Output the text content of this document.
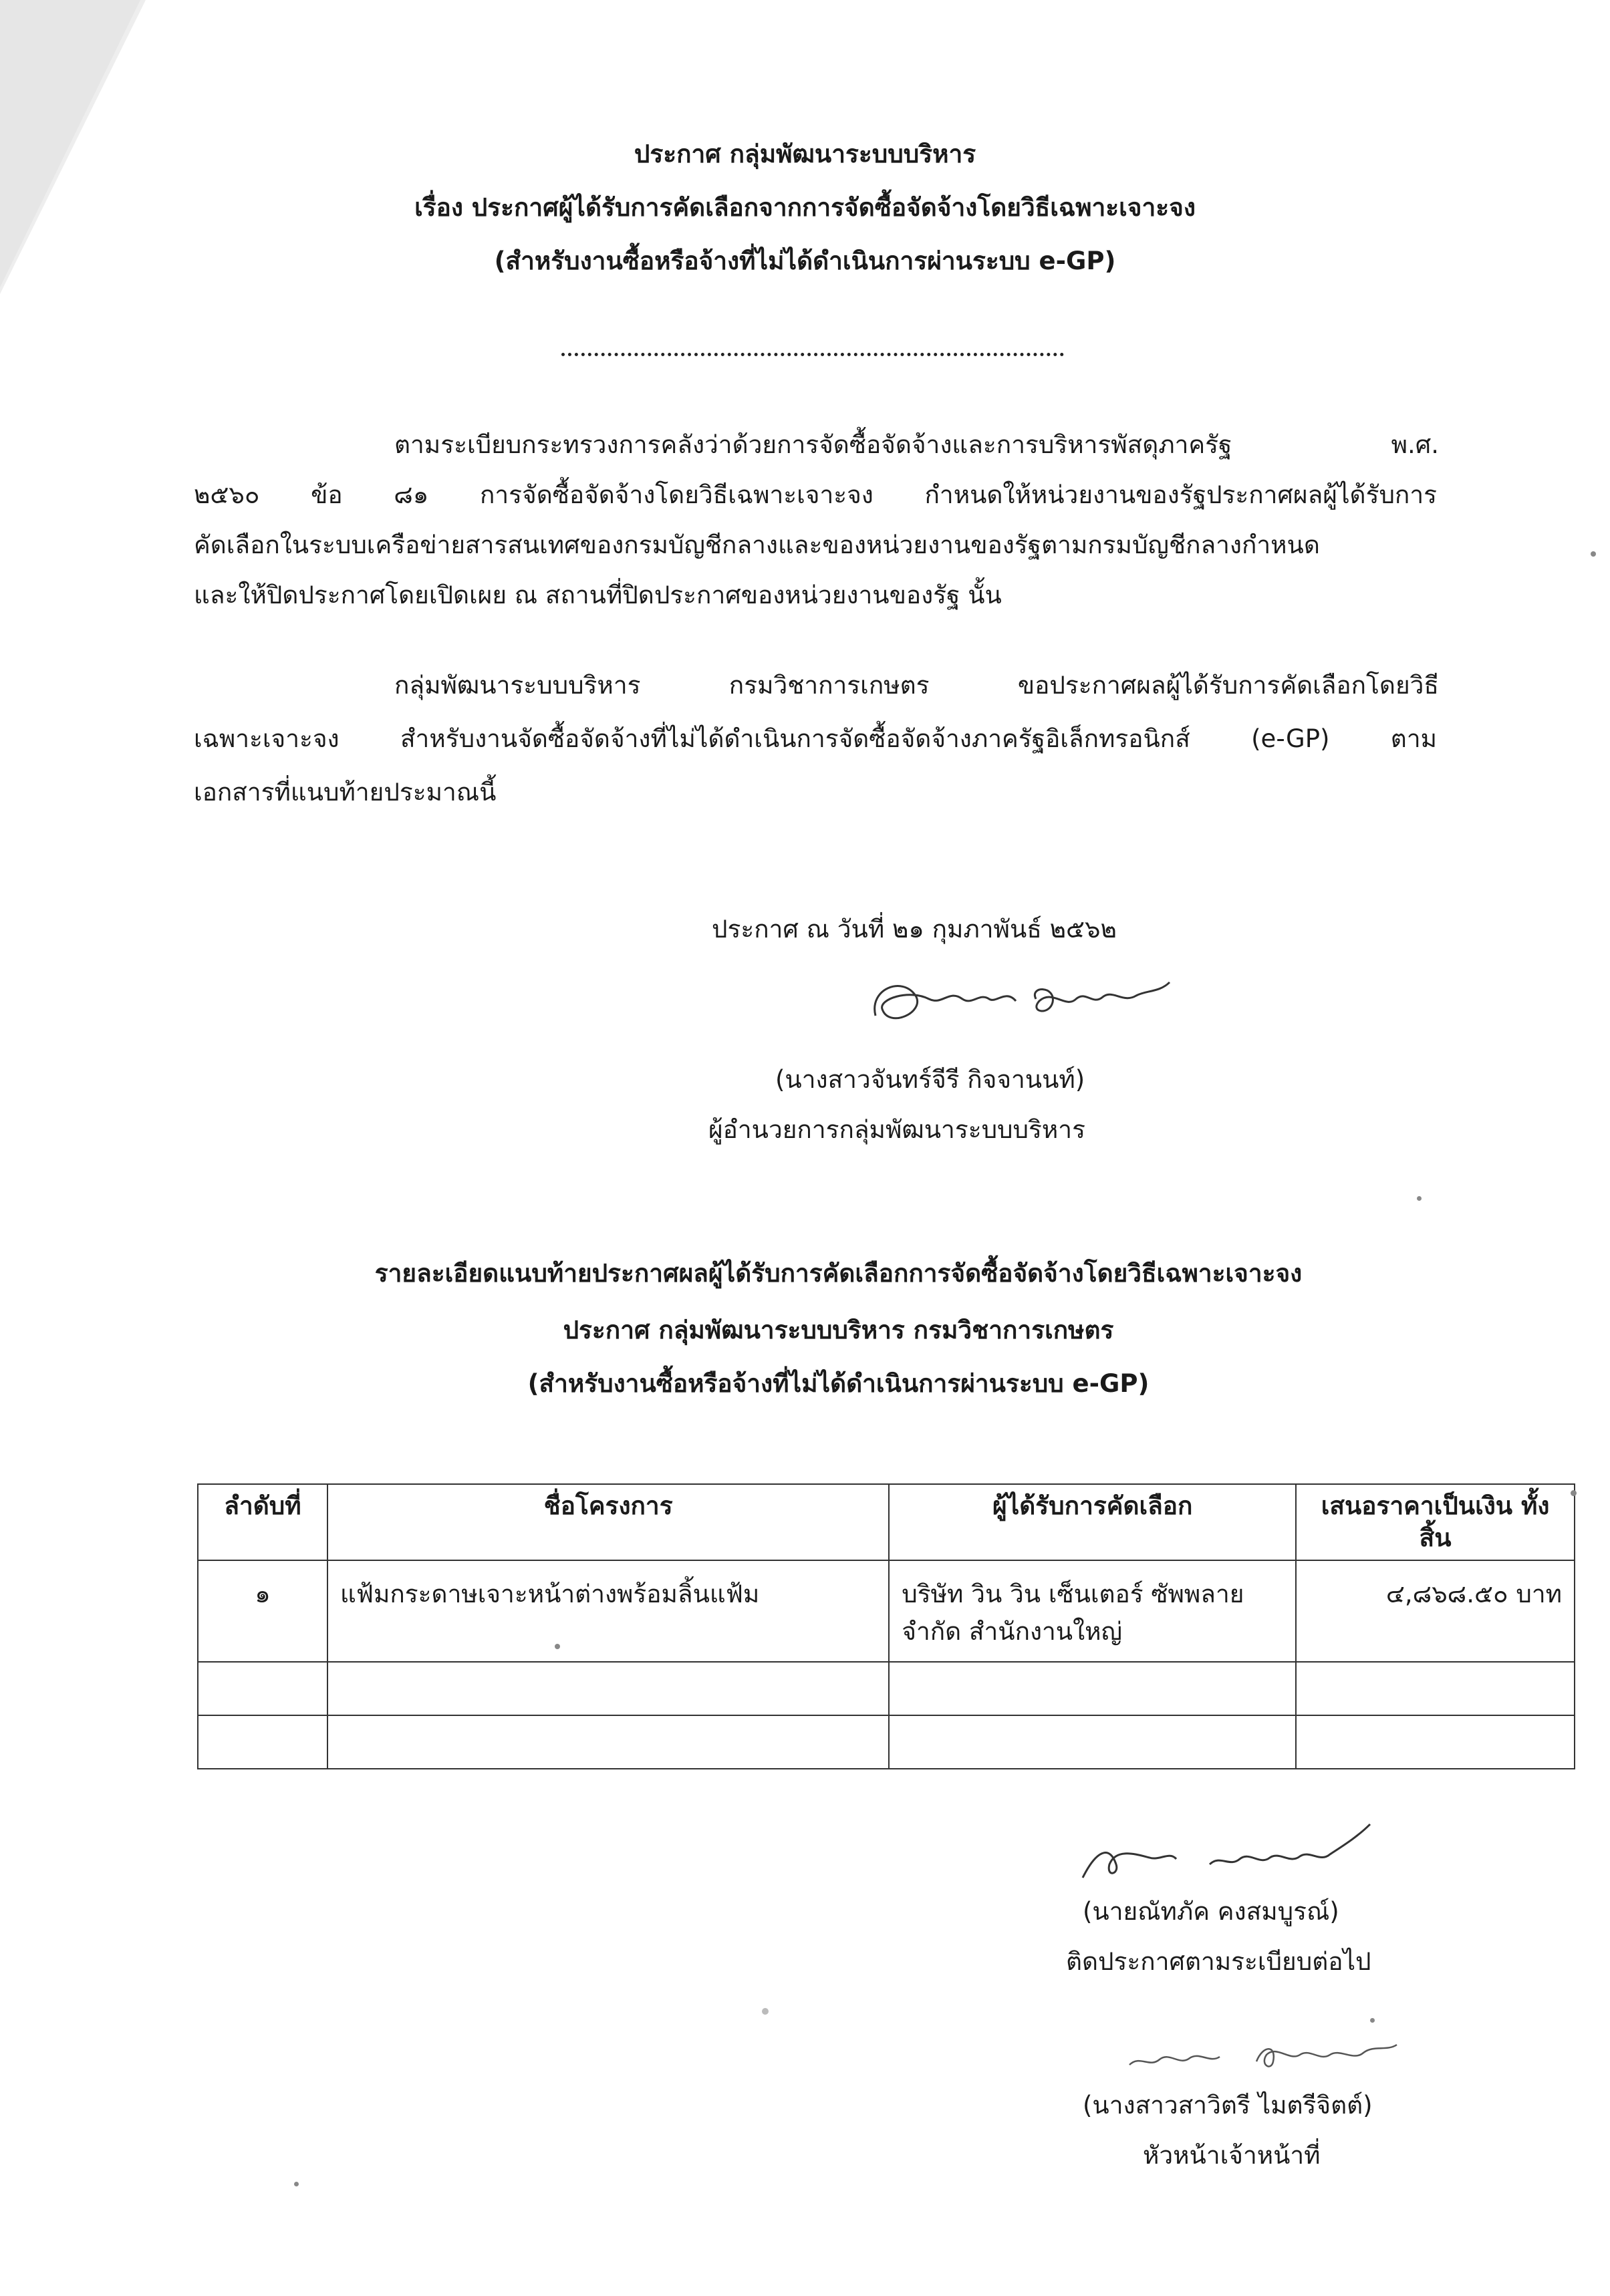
ประกาศ กลุ่มพัฒนาระบบบริหาร
เรื่อง ประกาศผู้ได้รับการคัดเลือกจากการจัดซื้อจัดจ้างโดยวิธีเฉพาะเจาะจง
(สำหรับงานซื้อหรือจ้างที่ไม่ได้ดำเนินการผ่านระบบ e-GP)
ตามระเบียบกระทรวงการคลังว่าด้วยการจัดซื้อจัดจ้างและการบริหารพัสดุภาครัฐ พ.ศ.
๒๕๖๐ ข้อ ๘๑ การจัดซื้อจัดจ้างโดยวิธีเฉพาะเจาะจง กำหนดให้หน่วยงานของรัฐประกาศผลผู้ได้รับการ
คัดเลือกในระบบเครือข่ายสารสนเทศของกรมบัญชีกลางและของหน่วยงานของรัฐตามกรมบัญชีกลางกำหนด
และให้ปิดประกาศโดยเปิดเผย ณ สถานที่ปิดประกาศของหน่วยงานของรัฐ นั้น
กลุ่มพัฒนาระบบบริหาร กรมวิชาการเกษตร ขอประกาศผลผู้ได้รับการคัดเลือกโดยวิธี
เฉพาะเจาะจง สำหรับงานจัดซื้อจัดจ้างที่ไม่ได้ดำเนินการจัดซื้อจัดจ้างภาครัฐอิเล็กทรอนิกส์ (e-GP) ตาม
เอกสารที่แนบท้ายประมาณนี้
ประกาศ ณ วันที่ ๒๑ กุมภาพันธ์ ๒๕๖๒
(นางสาวจันทร์จีรี กิจจานนท์)
ผู้อำนวยการกลุ่มพัฒนาระบบบริหาร
รายละเอียดแนบท้ายประกาศผลผู้ได้รับการคัดเลือกการจัดซื้อจัดจ้างโดยวิธีเฉพาะเจาะจง
ประกาศ กลุ่มพัฒนาระบบบริหาร กรมวิชาการเกษตร
(สำหรับงานซื้อหรือจ้างที่ไม่ได้ดำเนินการผ่านระบบ e-GP)
ลำดับที่	ชื่อโครงการ	ผู้ได้รับการคัดเลือก	เสนอราคาเป็นเงิน ทั้งสิ้น
๑	แฟ้มกระดาษเจาะหน้าต่างพร้อมลิ้นแฟ้ม	บริษัท วิน วิน เซ็นเตอร์ ซัพพลาย จำกัด สำนักงานใหญ่	๔,๘๖๘.๕๐ บาท

(นายณัทภัค คงสมบูรณ์)
ติดประกาศตามระเบียบต่อไป
(นางสาวสาวิตรี ไมตรีจิตต์)
หัวหน้าเจ้าหน้าที่
